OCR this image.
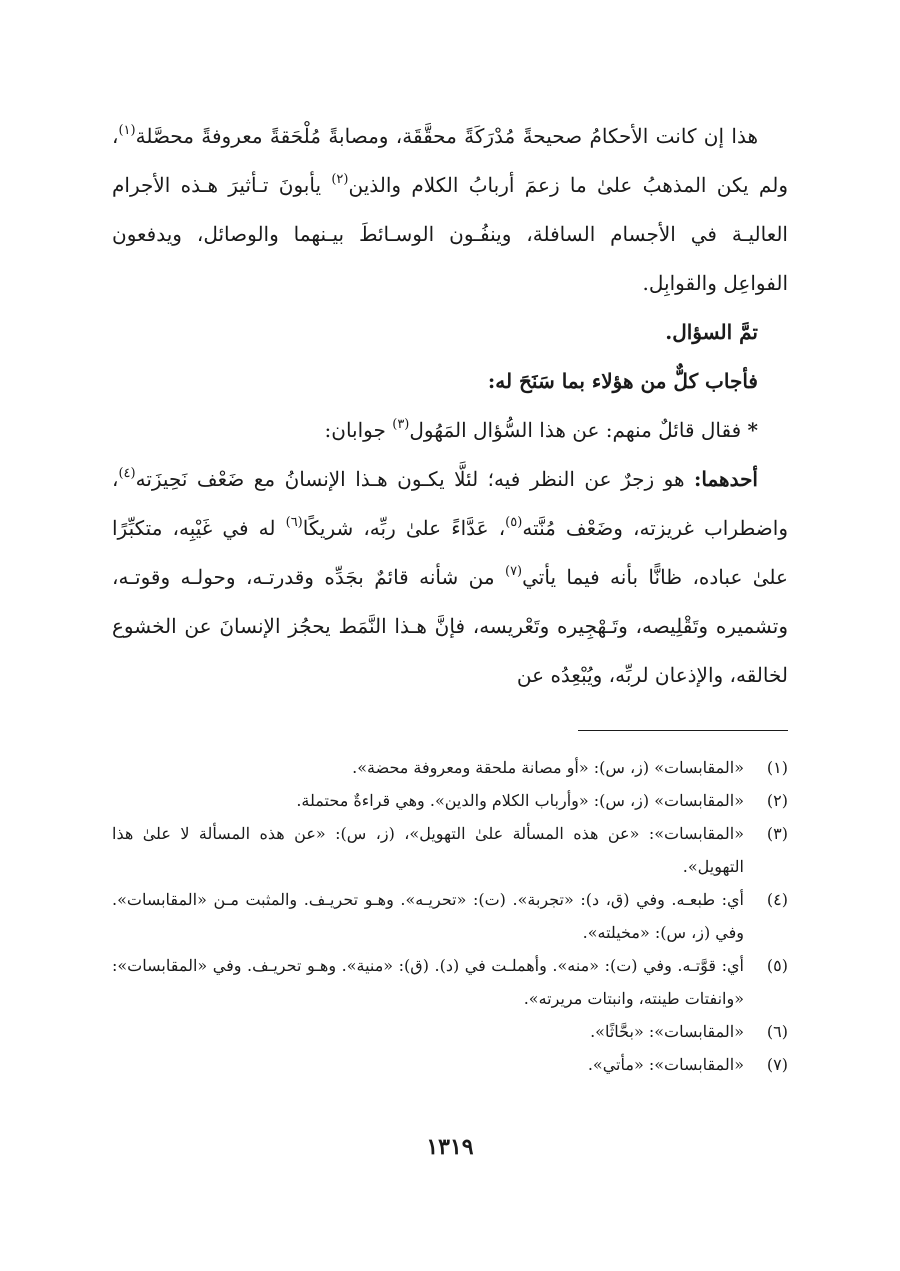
هذا إن كانت الأحكامُ صحيحةً مُدْرَكَةً محقَّقَة، ومصابةً مُلْحَقةً معروفةً محصَّلة$^{(١)}$، ولم يكن المذهبُ علىٰ ما زعمَ أربابُ الكلام والذين$^{(٢)}$ يأبونَ تـأثيرَ هـذه الأجرام العاليـة في الأجسام السافلة، وينفُـون الوسـائطَ بيـنهما والوصائل، ويدفعون الفواعِل والقوابِل.

تمَّ السؤال.

فأجاب كلٌّ من هؤلاء بما سَنَحَ له:

* فقال قائلٌ منهم: عن هذا السُّؤال المَهُول$^{(٣)}$ جوابان:

أحدهما: هو زجرٌ عن النظر فيه؛ لئلَّا يكـون هـذا الإنسانُ مع ضَعْف نَحِيزَته$^{(٤)}$، واضطراب غريزته، وضَعْف مُنَّته$^{(٥)}$، عَدَّاءً علىٰ ربِّه، شريكًا$^{(٦)}$ له في غَيْبِه، متكبِّرًا علىٰ عباده، ظانًّا بأنه فيما يأتي$^{(٧)}$ من شأنه قائمٌ بجَدِّه وقدرتـه، وحولـه وقوتـه، وتشميره وتَقْلِيصه، وتَـهْجِيره وتَعْريسه، فإنَّ هـذا النَّمَط يحجُز الإنسانَ عن الخشوع لخالقه، والإذعان لربِّه، ويُبْعِدُه عن

(١)
«المقابسات» (ز، س): «أو مصانة ملحقة ومعروفة محضة».
(٢)
«المقابسات» (ز، س): «وأرباب الكلام والدين». وهي قراءةٌ محتملة.
(٣)
«المقابسات»: «عن هذه المسألة علىٰ التهويل»، (ز، س): «عن هذه المسألة لا علىٰ هذا التهويل».
(٤)
أي: طبعـه. وفي (ق، د): «تجربة». (ت): «تحريـه». وهـو تحريـف. والمثبت مـن «المقابسات». وفي (ز، س): «مخيلته».
(٥)
أي: قوَّتـه. وفي (ت): «منه». وأهملـت في (د). (ق): «منية». وهـو تحريـف. وفي «المقابسات»: «وانفتات طينته، وانبتات مريرته».
(٦)
«المقابسات»: «بحَّاثًا».
(٧)
«المقابسات»: «مأتي».
١٣١٩
